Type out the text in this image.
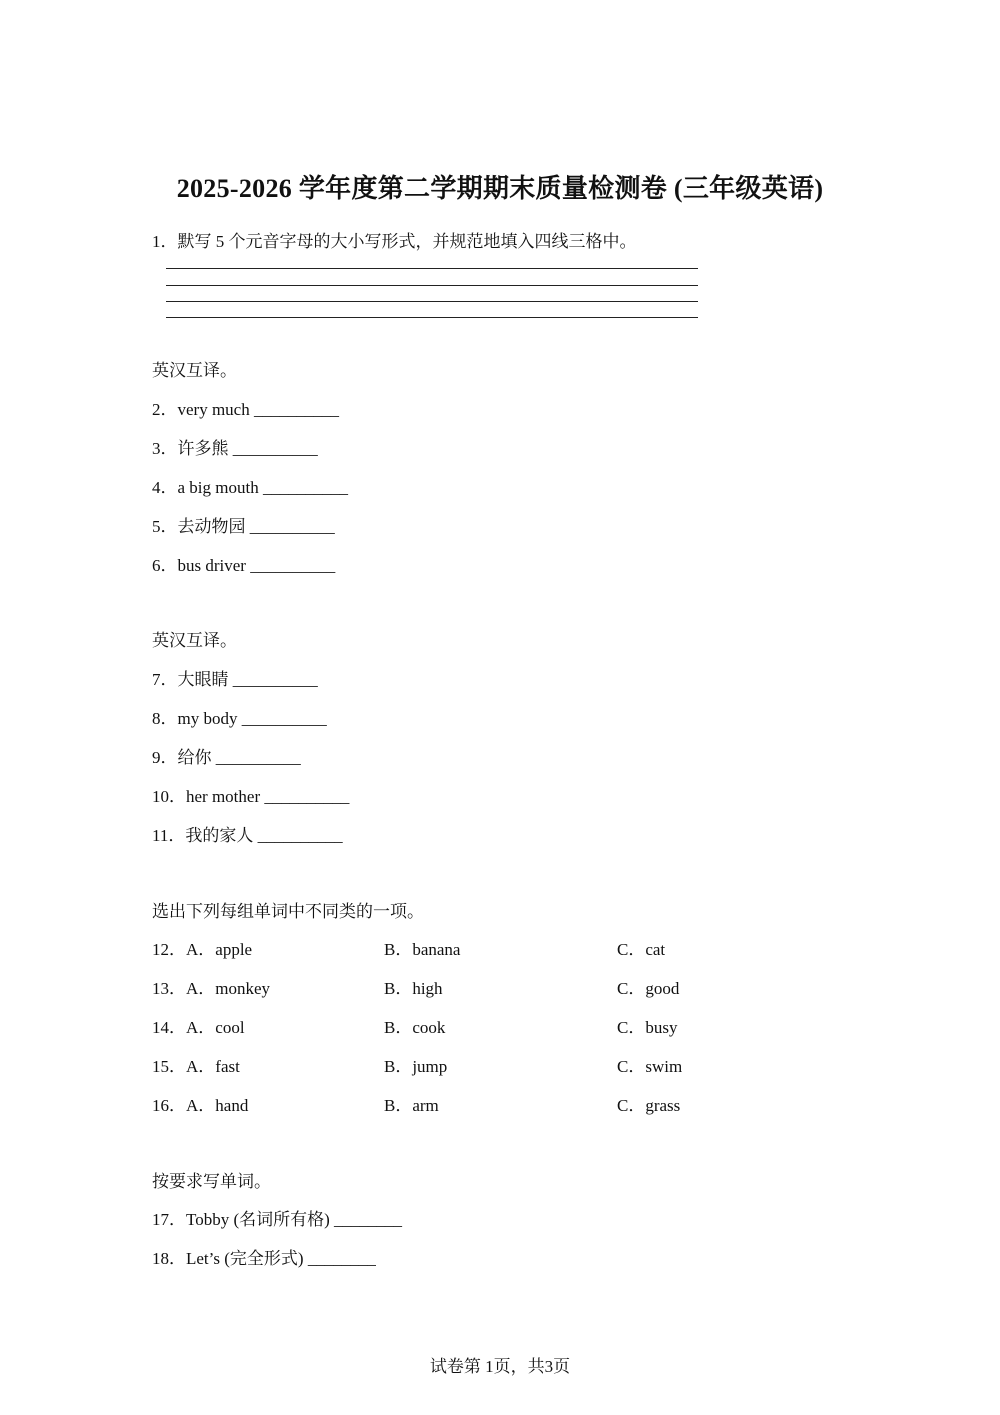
2025-2026 学年度第二学期期末质量检测卷 (三年级英语)
1．默写 5 个元音字母的大小写形式，并规范地填入四线三格中。
英汉互译。
2．very much __________
3．许多熊 __________
4．a big mouth __________
5．去动物园 __________
6．bus driver __________
英汉互译。
7．大眼睛 __________
8．my body __________
9．给你 __________
10．her mother __________
11．我的家人 __________
选出下列每组单词中不同类的一项。
12．A．apple	B．banana	C．cat
13．A．monkey	B．high	C．good
14．A．cool	B．cook	C．busy
15．A．fast	B．jump	C．swim
16．A．hand	B．arm	C．grass
按要求写单词。
17．Tobby (名词所有格) ________
18．Let’s (完全形式) ________
试卷第 1页，共3页
